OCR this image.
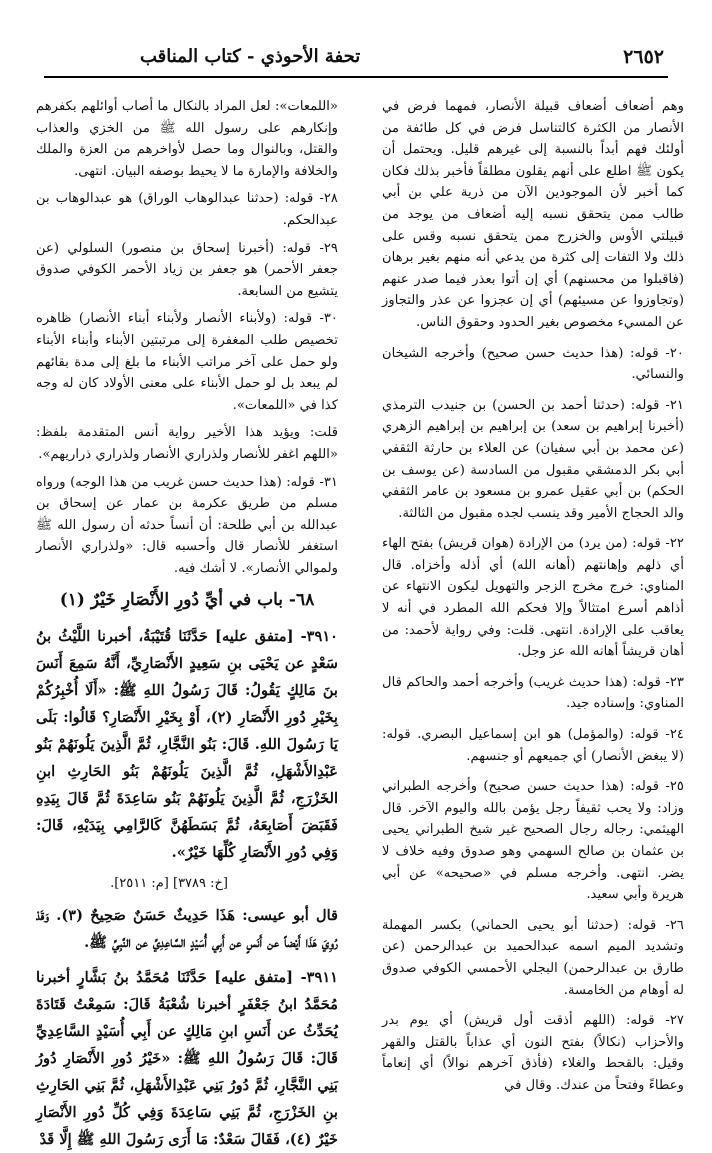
٢٦٥٢
تحفة الأحوذي - كتاب المناقب

وهم أضعاف أضعاف قبيلة الأنصار، فمهما فرض في الأنصار من الكثرة كالتناسل فرض في كل طائفة من أولئك فهم أبداً بالنسبة إلى غيرهم قليل. ويحتمل أن يكون ﷺ اطلع على أنهم يقلون مطلقاً فأخبر بذلك فكان كما أخبر لأن الموجودين الآن من ذرية علي بن أبي طالب ممن يتحقق نسبه إليه أضعاف من يوجد من قبيلتي الأوس والخزرج ممن يتحقق نسبه وقس على ذلك ولا التفات إلى كثرة من يدعي أنه منهم بغير برهان (فاقبلوا من محسنهم) أي إن أتوا بعذر فيما صدر عنهم (وتجاوزوا عن مسيئهم) أي إن عجزوا عن عذر والتجاوز عن المسيء مخصوص بغير الحدود وحقوق الناس.

٢٠- قوله: (هذا حديث حسن صحيح) وأخرجه الشيخان والنسائي.

٢١- قوله: (حدثنا أحمد بن الحسن) بن جنيدب الترمذي (أخبرنا إبراهيم بن سعد) بن إبراهيم بن إبراهيم الزهري (عن محمد بن أبي سفيان) عن العلاء بن حارثة الثقفي أبي بكر الدمشقي مقبول من السادسة (عن يوسف بن الحكم) بن أبي عقيل عمرو بن مسعود بن عامر الثقفي والد الحجاج الأمير وقد ينسب لجده مقبول من الثالثة.

٢٢- قوله: (من يرد) من الإرادة (هوان قريش) بفتح الهاء أي ذلهم وإهانتهم (أهانه الله) أي أذله وأخزاه. قال المناوي: خرج مخرج الزجر والتهويل ليكون الانتهاء عن أذاهم أسرع امتثالاً وإلا فحكم الله المطرد في أنه لا يعاقب على الإرادة. انتهى. قلت: وفي رواية لأحمد: من أهان قريشاً أهانه الله عز وجل.

٢٣- قوله: (هذا حديث غريب) وأخرجه أحمد والحاكم قال المناوي: وإسناده جيد.

٢٤- قوله: (والمؤمل) هو ابن إسماعيل البصري. قوله: (لا يبغض الأنصار) أي جميعهم أو جنسهم.

٢٥- قوله: (هذا حديث حسن صحيح) وأخرجه الطبراني وزاد: ولا يحب ثقيفاً رجل يؤمن بالله واليوم الآخر. قال الهيثمي: رجاله رجال الصحيح غير شيخ الطبراني يحيى بن عثمان بن صالح السهمي وهو صدوق وفيه خلاف لا يضر. انتهى. وأخرجه مسلم في «صحيحه» عن أبي هريرة وأبي سعيد.

٢٦- قوله: (حدثنا أبو يحيى الحماني) بكسر المهملة وتشديد الميم اسمه عبدالحميد بن عبدالرحمن (عن طارق بن عبدالرحمن) البجلي الأحمسي الكوفي صدوق له أوهام من الخامسة.

٢٧- قوله: (اللهم أذقت أول قريش) أي يوم بدر والأحزاب (نكالاً) بفتح النون أي عذاباً بالقتل والقهر وقيل: بالقحط والغلاء (فأذق آخرهم نوالاً) أي إنعاماً وعطاءً وفتحاً من عندك. وقال في

«اللمعات»: لعل المراد بالنكال ما أصاب أوائلهم بكفرهم وإنكارهم على رسول الله ﷺ من الخزي والعذاب والقتل، وبالنوال وما حصل لأواخرهم من العزة والملك والخلافة والإمارة ما لا يحيط بوصفه البيان. انتهى.

٢٨- قوله: (حدثنا عبدالوهاب الوراق) هو عبدالوهاب بن عبدالحكم.

٢٩- قوله: (أخبرنا إسحاق بن منصور) السلولي (عن جعفر الأحمر) هو جعفر بن زياد الأحمر الكوفي صدوق يتشيع من السابعة.

٣٠- قوله: (ولأبناء الأنصار ولأبناء أبناء الأنصار) ظاهره تخصيص طلب المغفرة إلى مرتبتين الأبناء وأبناء الأبناء ولو حمل على آخر مراتب الأبناء ما بلغ إلى مدة بقائهم لم يبعد بل لو حمل الأبناء على معنى الأولاد كان له وجه كذا في «اللمعات».

قلت: ويؤيد هذا الأخير رواية أنس المتقدمة بلفظ: «اللهم اغفر للأنصار ولذراري الأنصار ولذراري ذراريهم».

٣١- قوله: (هذا حديث حسن غريب من هذا الوجه) ورواه مسلم من طريق عكرمة بن عمار عن إسحاق بن عبدالله بن أبي طلحة: أن أنساً حدثه أن رسول الله ﷺ استغفر للأنصار قال وأحسبه قال: «ولذراري الأنصار ولموالي الأنصار». لا أشك فيه.

٦٨- باب في أيِّ دُورِ الأَنْصَارِ خَيْرٌ (١)

٣٩١٠- [متفق عليه] حَدَّثَنَا قُتَيْبَةُ، أخبرنا اللَّيْثُ بنُ سَعْدٍ عن يَحْيَى بنِ سَعِيدٍ الأَنْصَارِيِّ، أَنَّهُ سَمِعَ أَنَسَ بنَ مَالِكٍ يَقُولُ: قَالَ رَسُولُ اللهِ ﷺ: «أَلَا أُخْبِرُكُمْ بِخَيْرِ دُورِ الأَنْصَارِ (٢)، أَوْ بِخَيْرِ الأَنْصَارِ؟ قَالُوا: بَلَى يَا رَسُولَ اللهِ. قَالَ: بَنُو النَّجَّارِ، ثُمَّ الَّذِينَ يَلُونَهُمْ بَنُو عَبْدِالأَشْهَلِ، ثُمَّ الَّذِينَ يَلُونَهُمْ بَنُو الحَارِثِ ابنِ الخَزْرَجِ، ثُمَّ الَّذِينَ يَلُونَهُمْ بَنُو سَاعِدَةَ ثُمَّ قَالَ بِيَدِهِ فَقَبَضَ أَصَابِعَهُ، ثُمَّ بَسَطَهُنَّ كَالرَّامِي بِيَدَيْهِ، قَالَ: وَفِي دُورِ الأَنْصَارِ كُلِّهَا خَيْرٌ».

[خ: ٣٧٨٩] [م: ٢٥١١].

قال أبو عيسى: هَذَا حَدِيثٌ حَسَنٌ صَحِيحٌ (٣). وَقَدْ رُوِيَ هَذَا أَيْضاً عن أَنَسٍ عن أَبِي أُسَيْدٍ السَّاعِدِيِّ عن النَّبِيِّ ﷺ.

٣٩١١- [متفق عليه] حَدَّثَنَا مُحَمَّدُ بنُ بَشَّارٍ أخبرنا مُحَمَّدُ ابنُ جَعْفَرٍ أخبرنا شُعْبَةُ قَالَ: سَمِعْتُ قَتَادَةَ يُحَدِّثُ عن أَنَسِ ابنِ مَالِكٍ عن أَبِي أُسَيْدٍ السَّاعِدِيِّ قَالَ: قَالَ رَسُولُ اللهِ ﷺ: «خَيْرُ دُورِ الأَنْصَارِ دُورُ بَنِي النَّجَّارِ، ثُمَّ دُورُ بَنِي عَبْدِالأَشْهَلِ، ثُمَّ بَنِي الحَارِثِ بنِ الخَزْرَجِ، ثُمَّ بَنِي سَاعِدَةَ وَفِي كُلِّ دُورِ الأَنْصَارِ خَيْرٌ (٤)، فَقَالَ سَعْدٌ: مَا أَرَى رَسُولَ اللهِ ﷺ إِلَّا قَدْ
